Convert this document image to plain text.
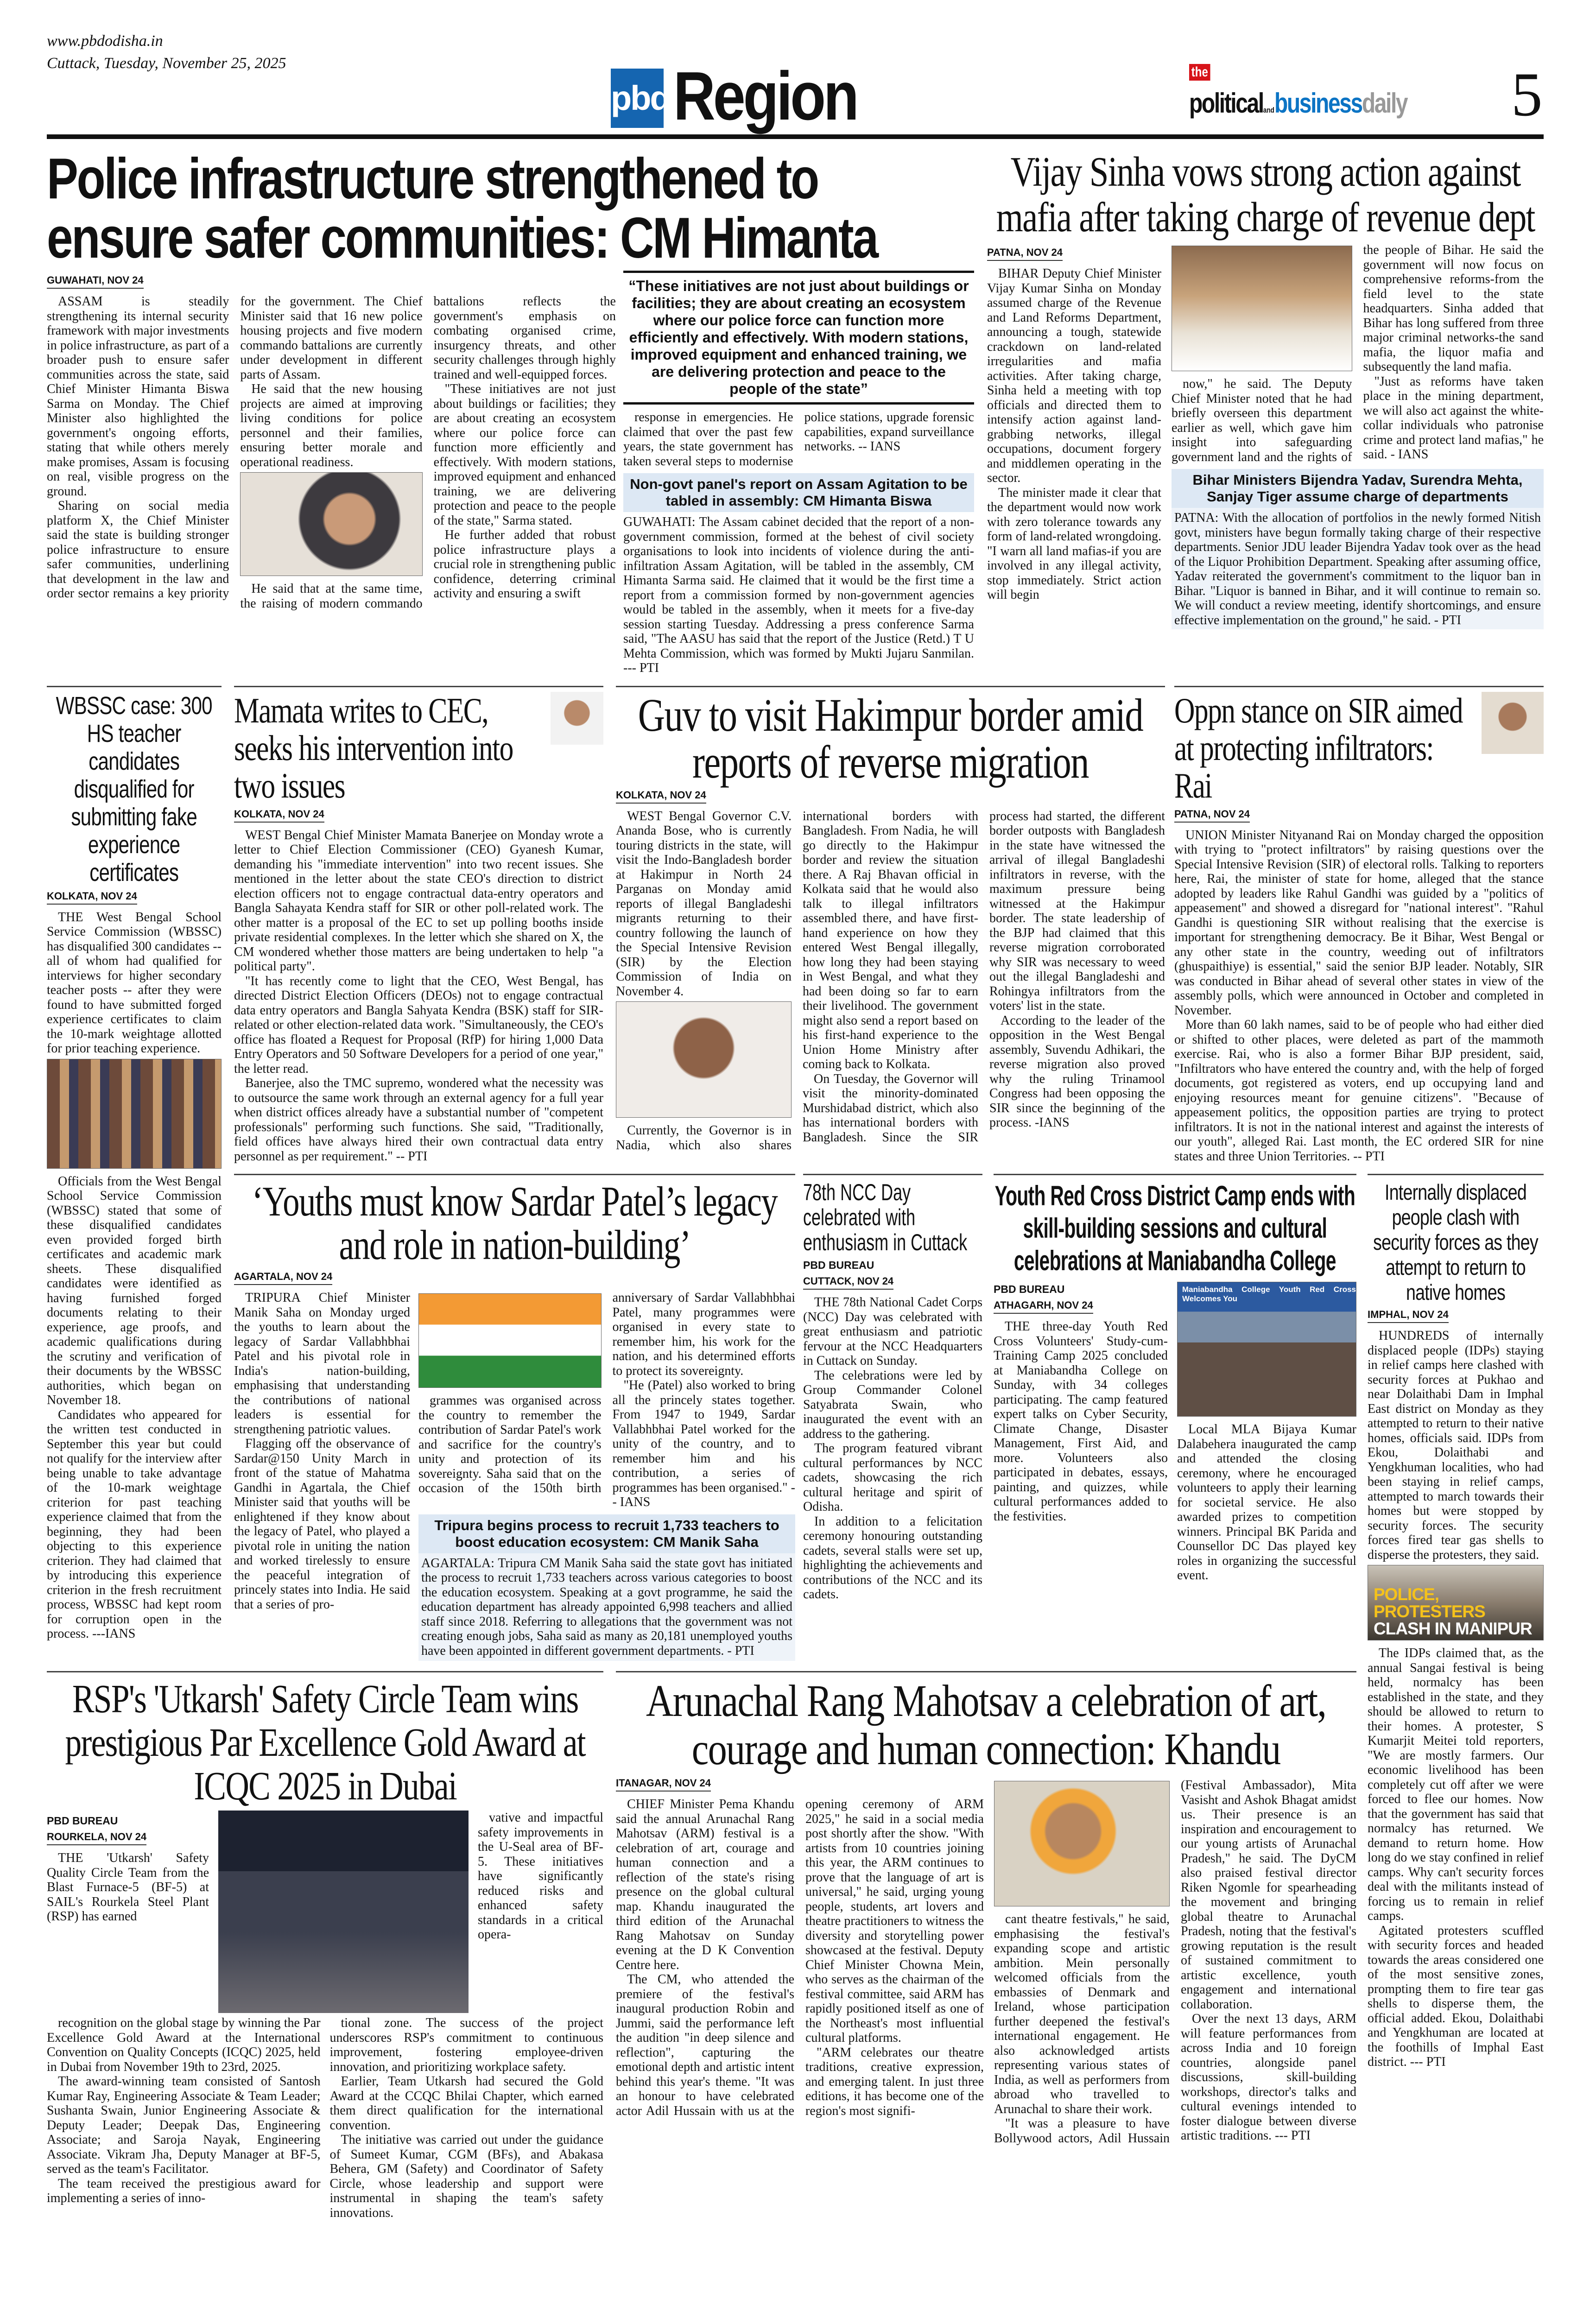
www.pbdodisha.in
Cuttack, Tuesday, November 25, 2025
pbd Region	the
politicalandbusinessdaily 5
Police infrastructure strengthened to ensure safer communities: CM Himanta
GUWAHATI, NOV 24

ASSAM is steadily strengthening its internal security framework with major investments in police infrastructure, as part of a broader push to ensure safer communities across the state, said Chief Minister Himanta Biswa Sarma on Monday. The Chief Minister also highlighted the government's ongoing efforts, stating that while others merely make promises, Assam is focusing on real, visible progress on the ground.

Sharing on social media platform X, the Chief Minister said the state is building stronger police infrastructure to ensure safer communities, underlining that development in the law and order sector remains a key priority for the government. The Chief Minister said that 16 new police housing projects and five modern commando battalions are currently under development in different parts of Assam.

He said that the new housing projects are aimed at improving living conditions for police personnel and their families, ensuring better morale and operational readiness.

He said that at the same time, the raising of modern commando battalions reflects the government's emphasis on combating organised crime, insurgency threats, and other security challenges through highly trained and well-equipped forces.

"These initiatives are not just about buildings or facilities; they are about creating an ecosystem where our police force can function more efficiently and effectively. With modern stations, improved equipment and enhanced training, we are delivering protection and peace to the people of the state," Sarma stated.

He further added that robust police infrastructure plays a crucial role in strengthening public confidence, deterring criminal activity and ensuring a swift

“These initiatives are not just about buildings or facilities; they are about creating an ecosystem where our police force can function more efficiently and effectively. With modern stations, improved equipment and enhanced training, we are delivering protection and peace to the people of the state”

response in emergencies. He claimed that over the past few years, the state government has taken several steps to modernise police stations, upgrade forensic capabilities, expand surveillance networks. -- IANS

Non-govt panel's report on Assam Agitation to be tabled in assembly: CM Himanta Biswa
GUWAHATI: The Assam cabinet decided that the report of a non-government commission, formed at the behest of civil society organisations to look into incidents of violence during the anti-infiltration Assam Agitation, will be tabled in the assembly, CM Himanta Sarma said. He claimed that it would be the first time a report from a commission formed by non-government agencies would be tabled in the assembly, when it meets for a five-day session starting Tuesday. Addressing a press conference Sarma said, "The AASU has said that the report of the Justice (Retd.) T U Mehta Commission, which was formed by Mukti Jujaru Sanmilan. --- PTI
Vijay Sinha vows strong action against mafia after taking charge of revenue dept
PATNA, NOV 24

BIHAR Deputy Chief Minister Vijay Kumar Sinha on Monday assumed charge of the Revenue and Land Reforms Department, announcing a tough, statewide crackdown on land-related irregularities and mafia activities. After taking charge, Sinha held a meeting with top officials and directed them to intensify action against land-grabbing networks, illegal occupations, document forgery and middlemen operating in the sector.

The minister made it clear that the department would now work with zero tolerance towards any form of land-related wrongdoing. "I warn all land mafias-if you are involved in any illegal activity, stop immediately. Strict action will begin

now," he said. The Deputy Chief Minister noted that he had briefly overseen this department earlier as well, which gave him insight into safeguarding government land and the rights of the people of Bihar. He said the government will now focus on comprehensive reforms-from the field level to the state headquarters. Sinha added that Bihar has long suffered from three major criminal networks-the sand mafia, the liquor mafia and subsequently the land mafia.

"Just as reforms have taken place in the mining department, we will also act against the white-collar individuals who patronise crime and protect land mafias," he said. - IANS

Bihar Ministers Bijendra Yadav, Surendra Mehta, Sanjay Tiger assume charge of departments
PATNA: With the allocation of portfolios in the newly formed Nitish govt, ministers have begun formally taking charge of their respective departments. Senior JDU leader Bijendra Yadav took over as the head of the Liquor Prohibition Department. Speaking after assuming office, Yadav reiterated the government's commitment to the liquor ban in Bihar. "Liquor is banned in Bihar, and it will continue to remain so. We will conduct a review meeting, identify shortcomings, and ensure effective implementation on the ground," he said. - PTI
WBSSC case: 300 HS teacher candidates disqualified for submitting fake experience certificates
KOLKATA, NOV 24

THE West Bengal School Service Commission (WBSSC) has disqualified 300 candidates -- all of whom had qualified for interviews for higher secondary teacher posts -- after they were found to have submitted forged experience certificates to claim the 10-mark weightage allotted for prior teaching experience.

Officials from the West Bengal School Service Commission (WBSSC) stated that some of these disqualified candidates even provided forged birth certificates and academic mark sheets. These disqualified candidates were identified as having furnished forged documents relating to their experience, age proofs, and academic qualifications during the scrutiny and verification of their documents by the WBSSC authorities, which began on November 18.

Candidates who appeared for the written test conducted in September this year but could not qualify for the interview after being unable to take advantage of the 10-mark weightage criterion for past teaching experience claimed that from the beginning, they had been objecting to this experience criterion. They had claimed that by introducing this experience criterion in the fresh recruitment process, WBSSC had kept room for corruption open in the process. ---IANS

Mamata writes to CEC, seeks his intervention into two issues
KOLKATA, NOV 24

WEST Bengal Chief Minister Mamata Banerjee on Monday wrote a letter to Chief Election Commissioner (CEO) Gyanesh Kumar, demanding his "immediate intervention" into two recent issues. She mentioned in the letter about the state CEO's direction to district election officers not to engage contractual data-entry operators and Bangla Sahayata Kendra staff for SIR or other poll-related work. The other matter is a proposal of the EC to set up polling booths inside private residential complexes. In the letter which she shared on X, the CM wondered whether those matters are being undertaken to help "a political party".

"It has recently come to light that the CEO, West Bengal, has directed District Election Officers (DEOs) not to engage contractual data entry operators and Bangla Sahyata Kendra (BSK) staff for SIR-related or other election-related data work. "Simultaneously, the CEO's office has floated a Request for Proposal (RfP) for hiring 1,000 Data Entry Operators and 50 Software Developers for a period of one year," the letter read.

Banerjee, also the TMC supremo, wondered what the necessity was to outsource the same work through an external agency for a full year when district offices already have a substantial number of "competent professionals" performing such functions. She said, "Traditionally, field offices have always hired their own contractual data entry personnel as per requirement." -- PTI

Guv to visit Hakimpur border amid reports of reverse migration
KOLKATA, NOV 24

WEST Bengal Governor C.V. Ananda Bose, who is currently touring districts in the state, will visit the Indo-Bangladesh border at Hakimpur in North 24 Parganas on Monday amid reports of illegal Bangladeshi migrants returning to their country following the launch of the Special Intensive Revision (SIR) by the Election Commission of India on November 4.

Currently, the Governor is in Nadia, which also shares international borders with Bangladesh. From Nadia, he will go directly to the Hakimpur border and review the situation there. A Raj Bhavan official in Kolkata said that he would also talk to illegal infiltrators assembled there, and have first-hand experience on how they entered West Bengal illegally, how long they had been staying in West Bengal, and what they had been doing so far to earn their livelihood. The government might also send a report based on his first-hand experience to the Union Home Ministry after coming back to Kolkata.

On Tuesday, the Governor will visit the minority-dominated Murshidabad district, which also has international borders with Bangladesh. Since the SIR process had started, the different border outposts with Bangladesh in the state have witnessed the arrival of illegal Bangladeshi infiltrators in reverse, with the maximum pressure being witnessed at the Hakimpur border. The state leadership of the BJP had claimed that this reverse migration corroborated why SIR was necessary to weed out the illegal Bangladeshi and Rohingya infiltrators from the voters' list in the state.

According to the leader of the opposition in the West Bengal assembly, Suvendu Adhikari, the reverse migration also proved why the ruling Trinamool Congress had been opposing the SIR since the beginning of the process. -IANS

Oppn stance on SIR aimed at protecting infiltrators: Rai
PATNA, NOV 24

UNION Minister Nityanand Rai on Monday charged the opposition with trying to "protect infiltrators" by raising questions over the Special Intensive Revision (SIR) of electoral rolls. Talking to reporters here, Rai, the minister of state for home, alleged that the stance adopted by leaders like Rahul Gandhi was guided by a "politics of appeasement" and showed a disregard for "national interest". "Rahul Gandhi is questioning SIR without realising that the exercise is important for strengthening democracy. Be it Bihar, West Bengal or any other state in the country, weeding out of infiltrators (ghuspaithiye) is essential," said the senior BJP leader. Notably, SIR was conducted in Bihar ahead of several other states in view of the assembly polls, which were announced in October and completed in November.

More than 60 lakh names, said to be of people who had either died or shifted to other places, were deleted as part of the mammoth exercise. Rai, who is also a former Bihar BJP president, said, "Infiltrators who have entered the country and, with the help of forged documents, got registered as voters, end up occupying land and enjoying resources meant for genuine citizens". "Because of appeasement politics, the opposition parties are trying to protect infiltrators. It is not in the national interest and against the interests of our youth", alleged Rai. Last month, the EC ordered SIR for nine states and three Union Territories. -- PTI

‘Youths must know Sardar Patel’s legacy and role in nation-building’
AGARTALA, NOV 24

TRIPURA Chief Minister Manik Saha on Monday urged the youths to learn about the legacy of Sardar Vallabhbhai Patel and his pivotal role in India's nation-building, emphasising that understanding the contributions of national leaders is essential for strengthening patriotic values.

Flagging off the observance of Sardar@150 Unity March in front of the statue of Mahatma Gandhi in Agartala, the Chief Minister said that youths will be enlightened if they know about the legacy of Patel, who played a pivotal role in uniting the nation and worked tirelessly to ensure the peaceful integration of princely states into India. He said that a series of pro-

grammes was organised across the country to remember the contribution of Sardar Patel's work and sacrifice for the country's unity and protection of its sovereignty. Saha said that on the occasion of the 150th birth anniversary of Sardar Vallabhbhai Patel, many programmes were organised in every state to remember him, his work for the nation, and his determined efforts to protect its sovereignty.

"He (Patel) also worked to bring all the princely states together. From 1947 to 1949, Sardar Vallabhbhai Patel worked for the unity of the country, and to remember him and his contribution, a series of programmes has been organised." -- IANS

Tripura begins process to recruit 1,733 teachers to boost education ecosystem: CM Manik Saha
AGARTALA: Tripura CM Manik Saha said the state govt has initiated the process to recruit 1,733 teachers across various categories to boost the education ecosystem. Speaking at a govt programme, he said the education department has already appointed 6,998 teachers and allied staff since 2018. Referring to allegations that the government was not creating enough jobs, Saha said as many as 20,181 unemployed youths have been appointed in different government departments. - PTI
78th NCC Day celebrated with enthusiasm in Cuttack
PBD BUREAU
CUTTACK, NOV 24

THE 78th National Cadet Corps (NCC) Day was celebrated with great enthusiasm and patriotic fervour at the NCC Headquarters in Cuttack on Sunday.

The celebrations were led by Group Commander Colonel Satyabrata Swain, who inaugurated the event with an address to the gathering.

The program featured vibrant cultural performances by NCC cadets, showcasing the rich cultural heritage and spirit of Odisha.

In addition to a felicitation ceremony honouring outstanding cadets, several stalls were set up, highlighting the achievements and contributions of the NCC and its cadets.

Youth Red Cross District Camp ends with skill-building sessions and cultural celebrations at Maniabandha College
PBD BUREAU
ATHAGARH, NOV 24

THE three-day Youth Red Cross Volunteers' Study-cum-Training Camp 2025 concluded at Maniabandha College on Sunday, with 34 colleges participating. The camp featured expert talks on Cyber Security, Climate Change, Disaster Management, First Aid, and more. Volunteers also participated in debates, essays, painting, and quizzes, while cultural performances added to the festivities.

Maniabandha College Youth Red Cross Welcomes You

Local MLA Bijaya Kumar Dalabehera inaugurated the camp and attended the closing ceremony, where he encouraged volunteers to apply their learning for societal service. He also awarded prizes to competition winners. Principal BK Parida and Counsellor DC Das played key roles in organizing the successful event.

Internally displaced people clash with security forces as they attempt to return to native homes
IMPHAL, NOV 24

HUNDREDS of internally displaced people (IDPs) staying in relief camps here clashed with security forces at Pukhao and near Dolaithabi Dam in Imphal East district on Monday as they attempted to return to their native homes, officials said. IDPs from Ekou, Dolaithabi and Yengkhuman localities, who had been staying in relief camps, attempted to march towards their homes but were stopped by security forces. The security forces fired tear gas shells to disperse the protesters, they said.

POLICE, PROTESTERS
CLASH IN MANIPUR

The IDPs claimed that, as the annual Sangai festival is being held, normalcy has been established in the state, and they should be allowed to return to their homes. A protester, S Kumarjit Meitei told reporters, "We are mostly farmers. Our economic livelihood has been completely cut off after we were forced to flee our homes. Now that the government has said that normalcy has returned. We demand to return home. How long do we stay confined in relief camps. Why can't security forces deal with the militants instead of forcing us to remain in relief camps.

Agitated protesters scuffled with security forces and headed towards the areas considered one of the most sensitive zones, prompting them to fire tear gas shells to disperse them, the official added. Ekou, Dolaithabi and Yengkhuman are located at the foothills of Imphal East district. --- PTI

RSP's 'Utkarsh' Safety Circle Team wins prestigious Par Excellence Gold Award at ICQC 2025 in Dubai
PBD BUREAU
ROURKELA, NOV 24

THE 'Utkarsh' Safety Quality Circle Team from the Blast Furnace-5 (BF-5) at SAIL's Rourkela Steel Plant (RSP) has earned

vative and impactful safety improvements in the U-Seal area of BF-5. These initiatives have significantly reduced risks and enhanced safety standards in a critical opera-

recognition on the global stage by winning the Par Excellence Gold Award at the International Convention on Quality Concepts (ICQC) 2025, held in Dubai from November 19th to 23rd, 2025.

The award-winning team consisted of Santosh Kumar Ray, Engineering Associate & Team Leader; Sushanta Swain, Junior Engineering Associate & Deputy Leader; Deepak Das, Engineering Associate; and Saroja Nayak, Engineering Associate. Vikram Jha, Deputy Manager at BF-5, served as the team's Facilitator.

The team received the prestigious award for implementing a series of inno-

tional zone. The success of the project underscores RSP's commitment to continuous improvement, fostering employee-driven innovation, and prioritizing workplace safety.

Earlier, Team Utkarsh had secured the Gold Award at the CCQC Bhilai Chapter, which earned them direct qualification for the international convention.

The initiative was carried out under the guidance of Sumeet Kumar, CGM (BFs), and Abakasa Behera, GM (Safety) and Coordinator of Safety Circle, whose leadership and support were instrumental in shaping the team's safety innovations.

Arunachal Rang Mahotsav a celebration of art, courage and human connection: Khandu
ITANAGAR, NOV 24

CHIEF Minister Pema Khandu said the annual Arunachal Rang Mahotsav (ARM) festival is a celebration of art, courage and human connection and a reflection of the state's rising presence on the global cultural map. Khandu inaugurated the third edition of the Arunachal Rang Mahotsav on Sunday evening at the D K Convention Centre here.

The CM, who attended the premiere of the festival's inaugural production Robin and Jummi, said the performance left the audition "in deep silence and reflection", capturing the emotional depth and artistic intent behind this year's theme. "It was an honour to have celebrated actor Adil Hussain with us at the opening ceremony of ARM 2025," he said in a social media post shortly after the show. "With artists from 10 countries joining this year, the ARM continues to prove that the language of art is universal," he said, urging young people, students, art lovers and theatre practitioners to witness the diversity and storytelling power showcased at the festival. Deputy Chief Minister Chowna Mein, who serves as the chairman of the festival committee, said ARM has rapidly positioned itself as one of the Northeast's most influential cultural platforms.

"ARM celebrates our theatre traditions, creative expression, and emerging talent. In just three editions, it has become one of the region's most signifi-

cant theatre festivals," he said, emphasising the festival's expanding scope and artistic ambition. Mein personally welcomed officials from the embassies of Denmark and Ireland, whose participation further deepened the festival's international engagement. He also acknowledged artists representing various states of India, as well as performers from abroad who travelled to Arunachal to share their work.

"It was a pleasure to have Bollywood actors, Adil Hussain (Festival Ambassador), Mita Vasisht and Ashok Bhagat amidst us. Their presence is an inspiration and encouragement to our young artists of Arunachal Pradesh," he said. The DyCM also praised festival director Riken Ngomle for spearheading the movement and bringing global theatre to Arunachal Pradesh, noting that the festival's growing reputation is the result of sustained commitment to artistic excellence, youth engagement and international collaboration.

Over the next 13 days, ARM will feature performances from across India and 10 foreign countries, alongside panel discussions, skill-building workshops, director's talks and cultural evenings intended to foster dialogue between diverse artistic traditions. --- PTI
